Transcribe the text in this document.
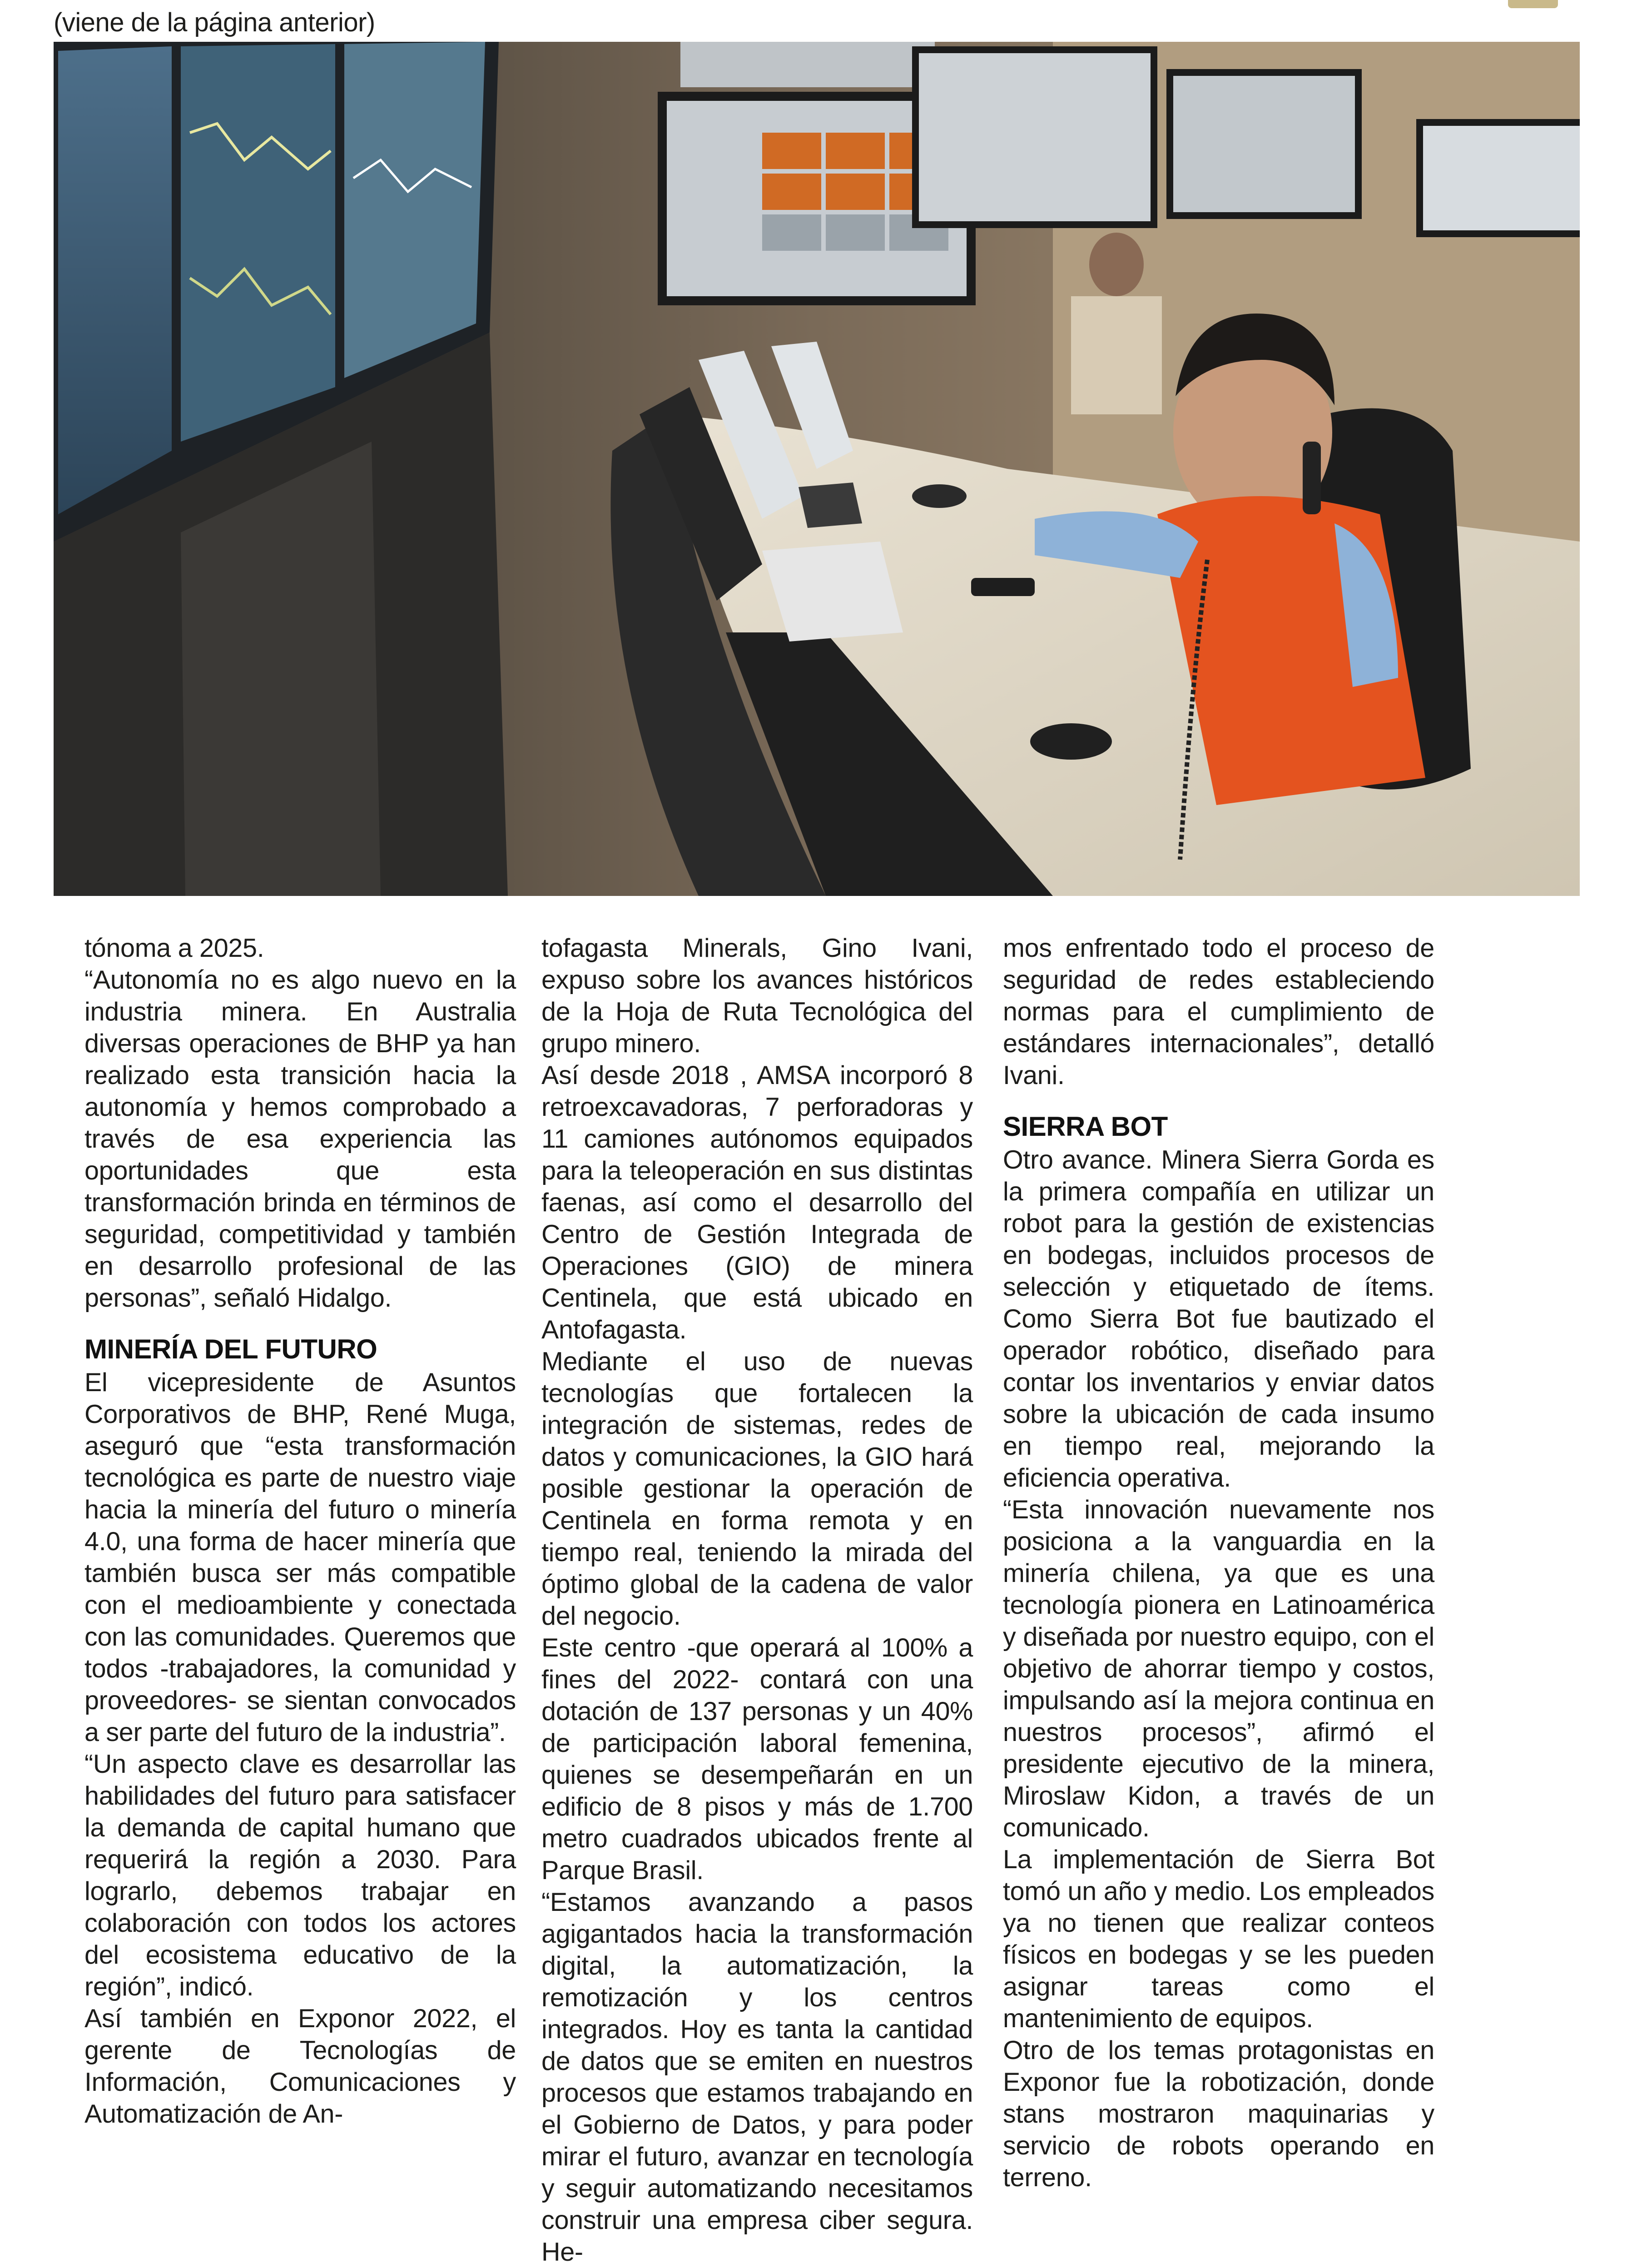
(viene de la página anterior)

tónoma a 2025.

“Autonomía no es algo nuevo en la industria minera. En Australia diversas operaciones de BHP ya han realizado esta transición hacia la autonomía y hemos comprobado a través de esa experiencia las oportunidades que esta transformación brinda en términos de seguridad, competitividad y también en desarrollo profesional de las personas”, señaló Hidalgo.

MINERÍA DEL FUTURO

El vicepresidente de Asuntos Corporativos de BHP, René Muga, aseguró que “esta transformación tecnológica es parte de nuestro viaje hacia la minería del futuro o minería 4.0, una forma de hacer minería que también busca ser más compatible con el medioambiente y conectada con las comunidades. Queremos que todos -trabajadores, la comunidad y proveedores- se sientan convocados a ser parte del futuro de la industria”.

“Un aspecto clave es desarrollar las habilidades del futuro para satisfacer la demanda de capital humano que requerirá la región a 2030. Para lograrlo, debemos trabajar en colaboración con todos los actores del ecosistema educativo de la región”, indicó.

Así también en Exponor 2022, el gerente de Tecnologías de Información, Comunicaciones y Automatización de An-

tofagasta Minerals, Gino Ivani, expuso sobre los avances históricos de la Hoja de Ruta Tecnológica del grupo minero.

Así desde 2018 , AMSA incorporó 8 retroexcavadoras, 7 perforadoras y 11 camiones autónomos equipados para la teleoperación en sus distintas faenas, así como el desarrollo del Centro de Gestión Integrada de Operaciones (GIO) de minera Centinela, que está ubicado en Antofagasta.

Mediante el uso de nuevas tecnologías que fortalecen la integración de sistemas, redes de datos y comunicaciones, la GIO hará posible gestionar la operación de Centinela en forma remota y en tiempo real, teniendo la mirada del óptimo global de la cadena de valor del negocio.

Este centro -que operará al 100% a fines del 2022- contará con una dotación de 137 personas y un 40% de participación laboral femenina, quienes se desempeñarán en un edificio de 8 pisos y más de 1.700 metro cuadrados ubicados frente al Parque Brasil.

“Estamos avanzando a pasos agigantados hacia la transformación digital, la automatización, la remotización y los centros integrados. Hoy es tanta la cantidad de datos que se emiten en nuestros procesos que estamos trabajando en el Gobierno de Datos, y para poder mirar el futuro, avanzar en tecnología y seguir automatizando necesitamos construir una empresa ciber segura. He-

mos enfrentado todo el proceso de seguridad de redes estableciendo normas para el cumplimiento de estándares internacionales”, detalló Ivani.

SIERRA BOT

Otro avance. Minera Sierra Gorda es la primera compañía en utilizar un robot para la gestión de existencias en bodegas, incluidos procesos de selección y etiquetado de ítems. Como Sierra Bot fue bautizado el operador robótico, diseñado para contar los inventarios y enviar datos sobre la ubicación de cada insumo en tiempo real, mejorando la eficiencia operativa.

“Esta innovación nuevamente nos posiciona a la vanguardia en la minería chilena, ya que es una tecnología pionera en Latinoamérica y diseñada por nuestro equipo, con el objetivo de ahorrar tiempo y costos, impulsando así la mejora continua en nuestros procesos”, afirmó el presidente ejecutivo de la minera, Miroslaw Kidon, a través de un comunicado.

La implementación de Sierra Bot tomó un año y medio. Los empleados ya no tienen que realizar conteos físicos en bodegas y se les pueden asignar tareas como el mantenimiento de equipos.

Otro de los temas protagonistas en Exponor fue la robotización, donde stans mostraron maquinarias y servicio de robots operando en terreno.
